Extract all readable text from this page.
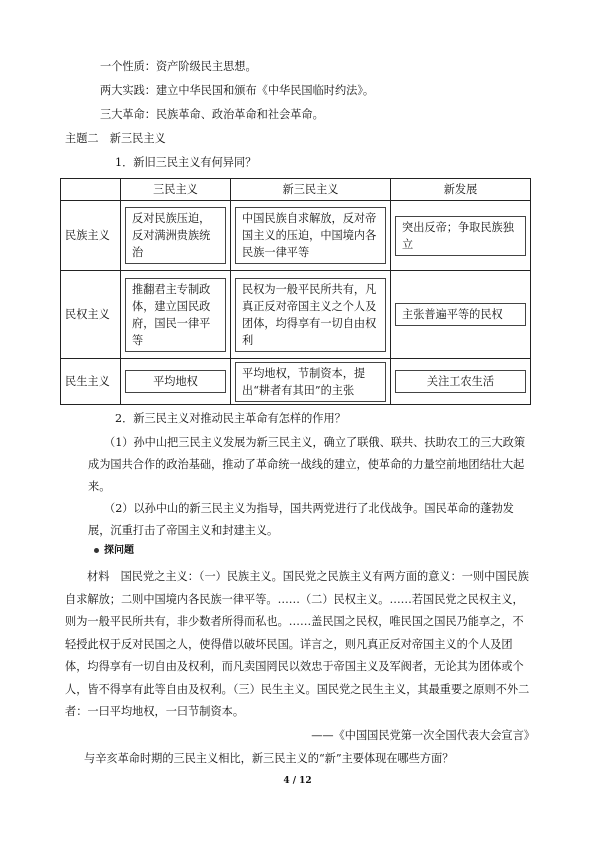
一个性质：资产阶级民主思想。
两大实践：建立中华民国和颁布《中华民国临时约法》。
三大革命：民族革命、政治革命和社会革命。
主题二　新三民主义
1．新旧三民主义有何异同？
	三民主义	新三民主义	新发展
民族主义	反对民族压迫，反对满洲贵族统治	中国民族自求解放，反对帝国主义的压迫，中国境内各民族一律平等	突出反帝；争取民族独立

民权主义	推翻君主专制政体，建立国民政府，国民一律平等	民权为一般平民所共有，凡真正反对帝国主义之个人及团体，均得享有一切自由权利	主张普遍平等的民权

民生主义	平均地权	平均地权，节制资本，提出“耕者有其田”的主张	关注工农生活
2．新三民主义对推动民主革命有怎样的作用？
（1）孙中山把三民主义发展为新三民主义，确立了联俄、联共、扶助农工的三大政策成为国共合作的政治基础，推动了革命统一战线的建立，使革命的力量空前地团结壮大起来。
（2）以孙中山的新三民主义为指导，国共两党进行了北伐战争。国民革命的蓬勃发展，沉重打击了帝国主义和封建主义。
探问题
材料　国民党之主义：（一）民族主义。国民党之民族主义有两方面的意义：一则中国民族自求解放；二则中国境内各民族一律平等。……（二）民权主义。……若国民党之民权主义，则为一般平民所共有，非少数者所得而私也。……盖民国之民权，唯民国之国民乃能享之，不轻授此权于反对民国之人，使得借以破坏民国。详言之，则凡真正反对帝国主义的个人及团体，均得享有一切自由及权利，而凡卖国罔民以效忠于帝国主义及军阀者，无论其为团体或个人，皆不得享有此等自由及权利。（三）民生主义。国民党之民生主义，其最重要之原则不外二者：一曰平均地权，一曰节制资本。
——《中国国民党第一次全国代表大会宣言》
与辛亥革命时期的三民主义相比，新三民主义的“新”主要体现在哪些方面？
4 / 12
